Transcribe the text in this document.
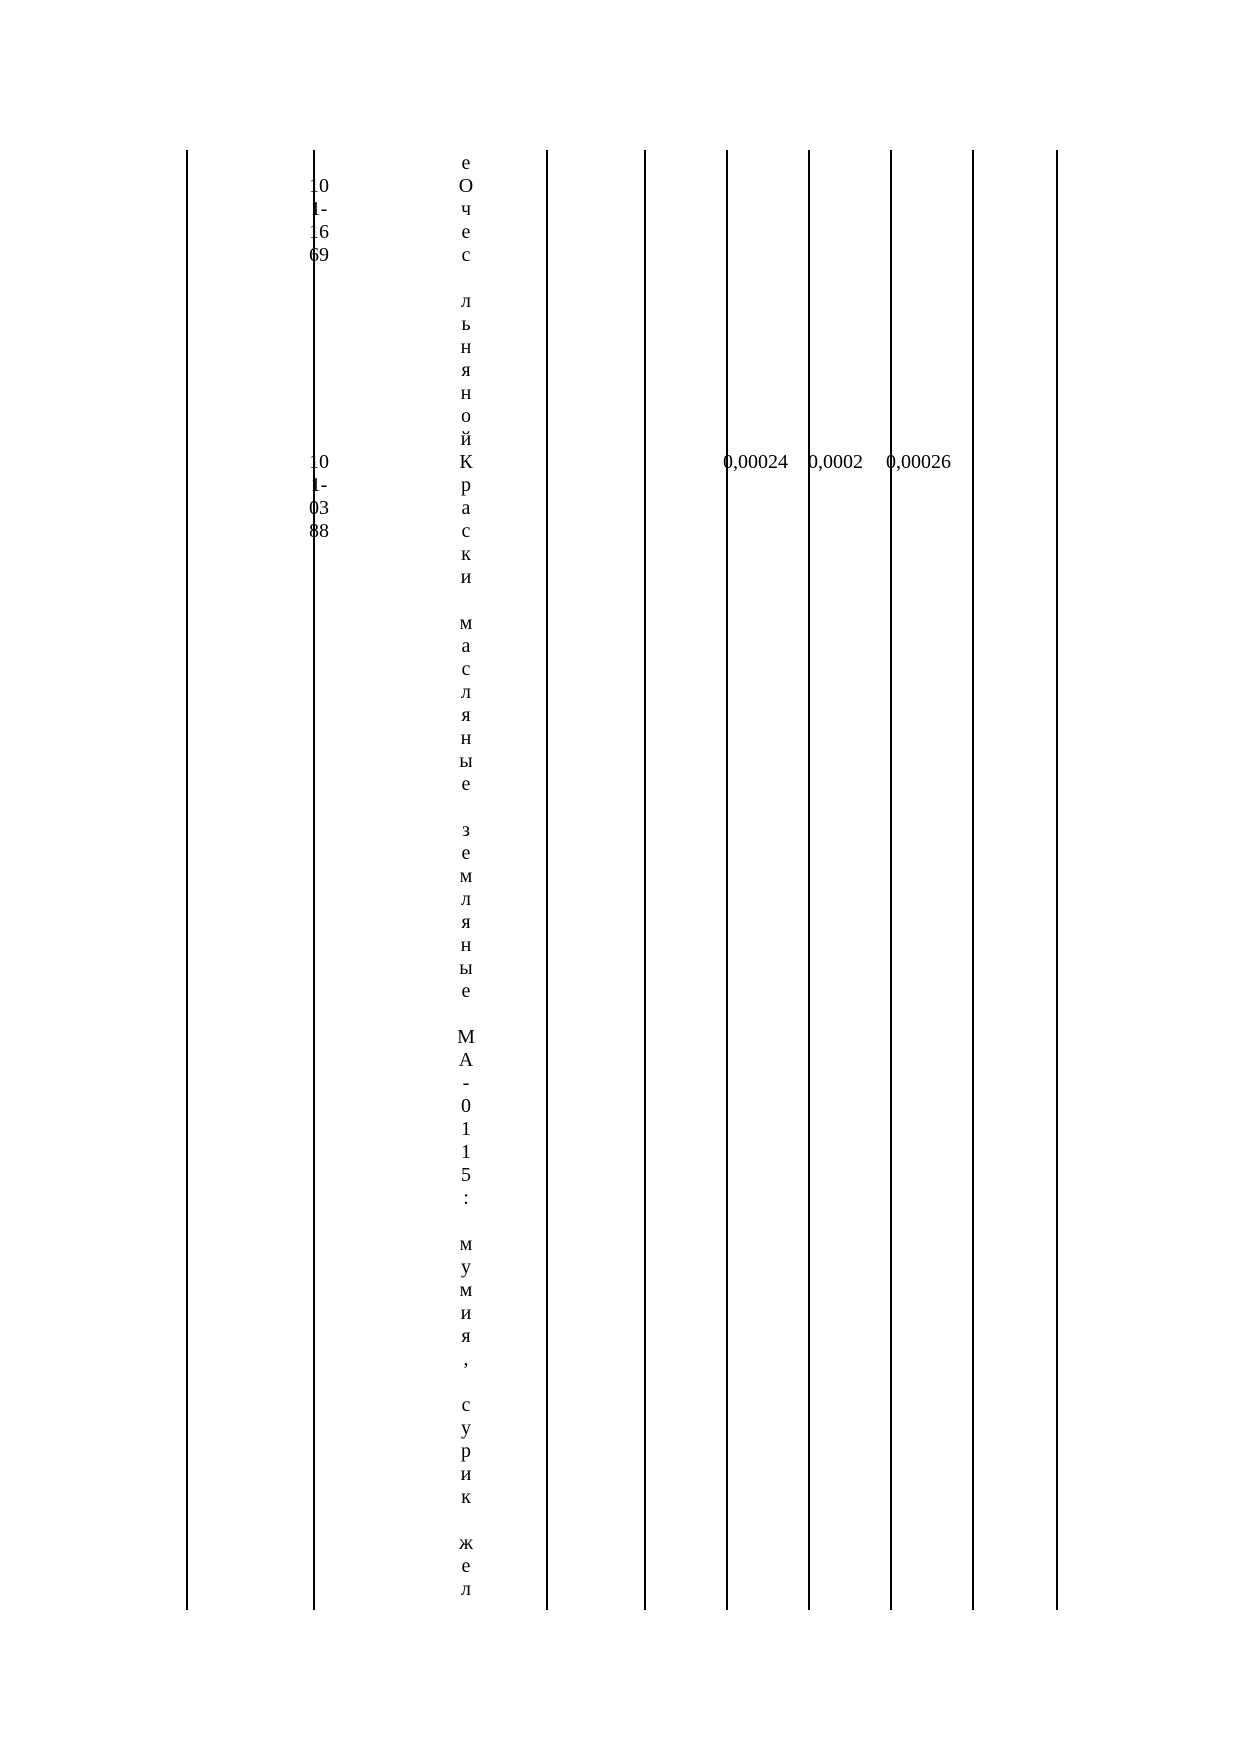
е
10
1-
16
69
О
ч
е
с

л
ь
н
я
н
о
й
10
1-
03
88
К
р
а
с
к
и

м
а
с
л
я
н
ы
е

з
е
м
л
я
н
ы
е

М
А
-
0
1
1
5
:

м
у
м
и
я
,

с
у
р
и
к

ж
е
л
0,00024 0,0002 0,00026
